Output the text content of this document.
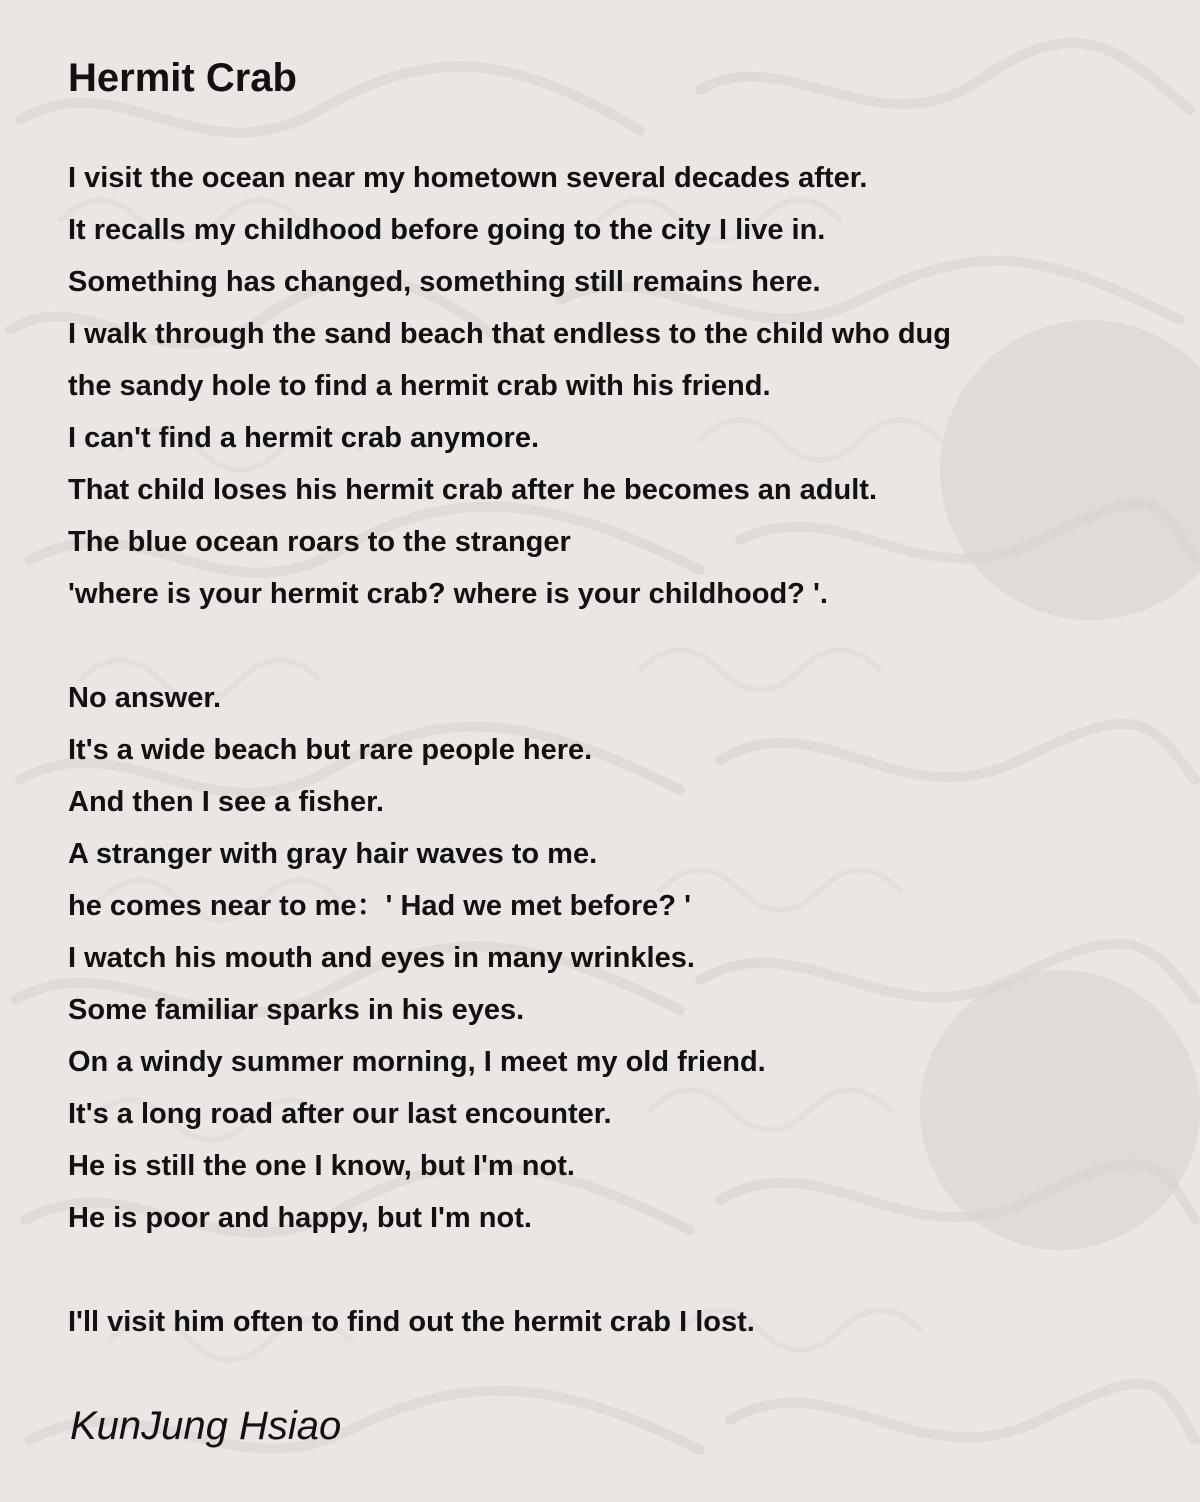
Hermit Crab
I visit the ocean near my hometown several decades after.
It recalls my childhood before going to the city I live in.
Something has changed, something still remains here.
I walk through the sand beach that endless to the child who dug
the sandy hole to find a hermit crab with his friend.
I can't find a hermit crab anymore.
That child loses his hermit crab after he becomes an adult.
The blue ocean roars to the stranger
'where is your hermit crab? where is your childhood? '.
No answer.
It's a wide beach but rare people here.
And then I see a fisher.
A stranger with gray hair waves to me.
he comes near to me：' Had we met before? '
I watch his mouth and eyes in many wrinkles.
Some familiar sparks in his eyes.
On a windy summer morning, I meet my old friend.
It's a long road after our last encounter.
He is still the one I know, but I'm not.
He is poor and happy, but I'm not.
I'll visit him often to find out the hermit crab I lost.
KunJung Hsiao
